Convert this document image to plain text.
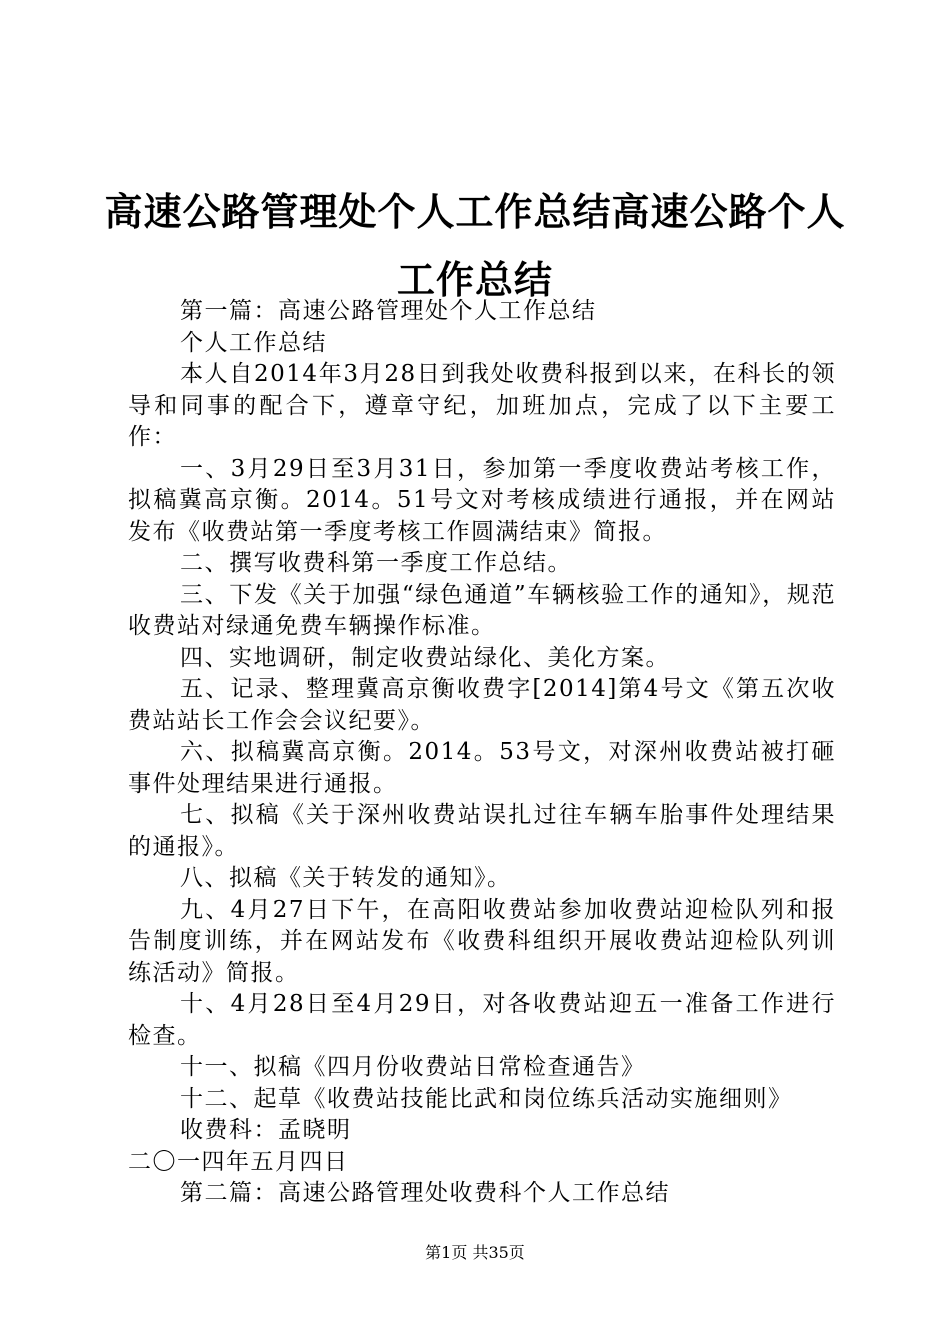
高速公路管理处个人工作总结高速公路个人工作总结

第一篇：高速公路管理处个人工作总结

个人工作总结

本人自2014年3月28日到我处收费科报到以来，在科长的领导和同事的配合下，遵章守纪，加班加点，完成了以下主要工作：

一、3月29日至3月31日，参加第一季度收费站考核工作，拟稿冀高京衡。2014。51号文对考核成绩进行通报，并在网站发布《收费站第一季度考核工作圆满结束》简报。

二、撰写收费科第一季度工作总结。

三、下发《关于加强“绿色通道”车辆核验工作的通知》，规范收费站对绿通免费车辆操作标准。

四、实地调研，制定收费站绿化、美化方案。

五、记录、整理冀高京衡收费字[2014]第4号文《第五次收费站站长工作会会议纪要》。

六、拟稿冀高京衡。2014。53号文，对深州收费站被打砸事件处理结果进行通报。

七、拟稿《关于深州收费站误扎过往车辆车胎事件处理结果的通报》。

八、拟稿《关于转发的通知》。

九、4月27日下午，在高阳收费站参加收费站迎检队列和报告制度训练，并在网站发布《收费科组织开展收费站迎检队列训练活动》简报。

十、4月28日至4月29日，对各收费站迎五一准备工作进行检查。

十一、拟稿《四月份收费站日常检查通告》

十二、起草《收费站技能比武和岗位练兵活动实施细则》

收费科：孟晓明

二〇一四年五月四日

第二篇：高速公路管理处收费科个人工作总结

第1页 共35页
